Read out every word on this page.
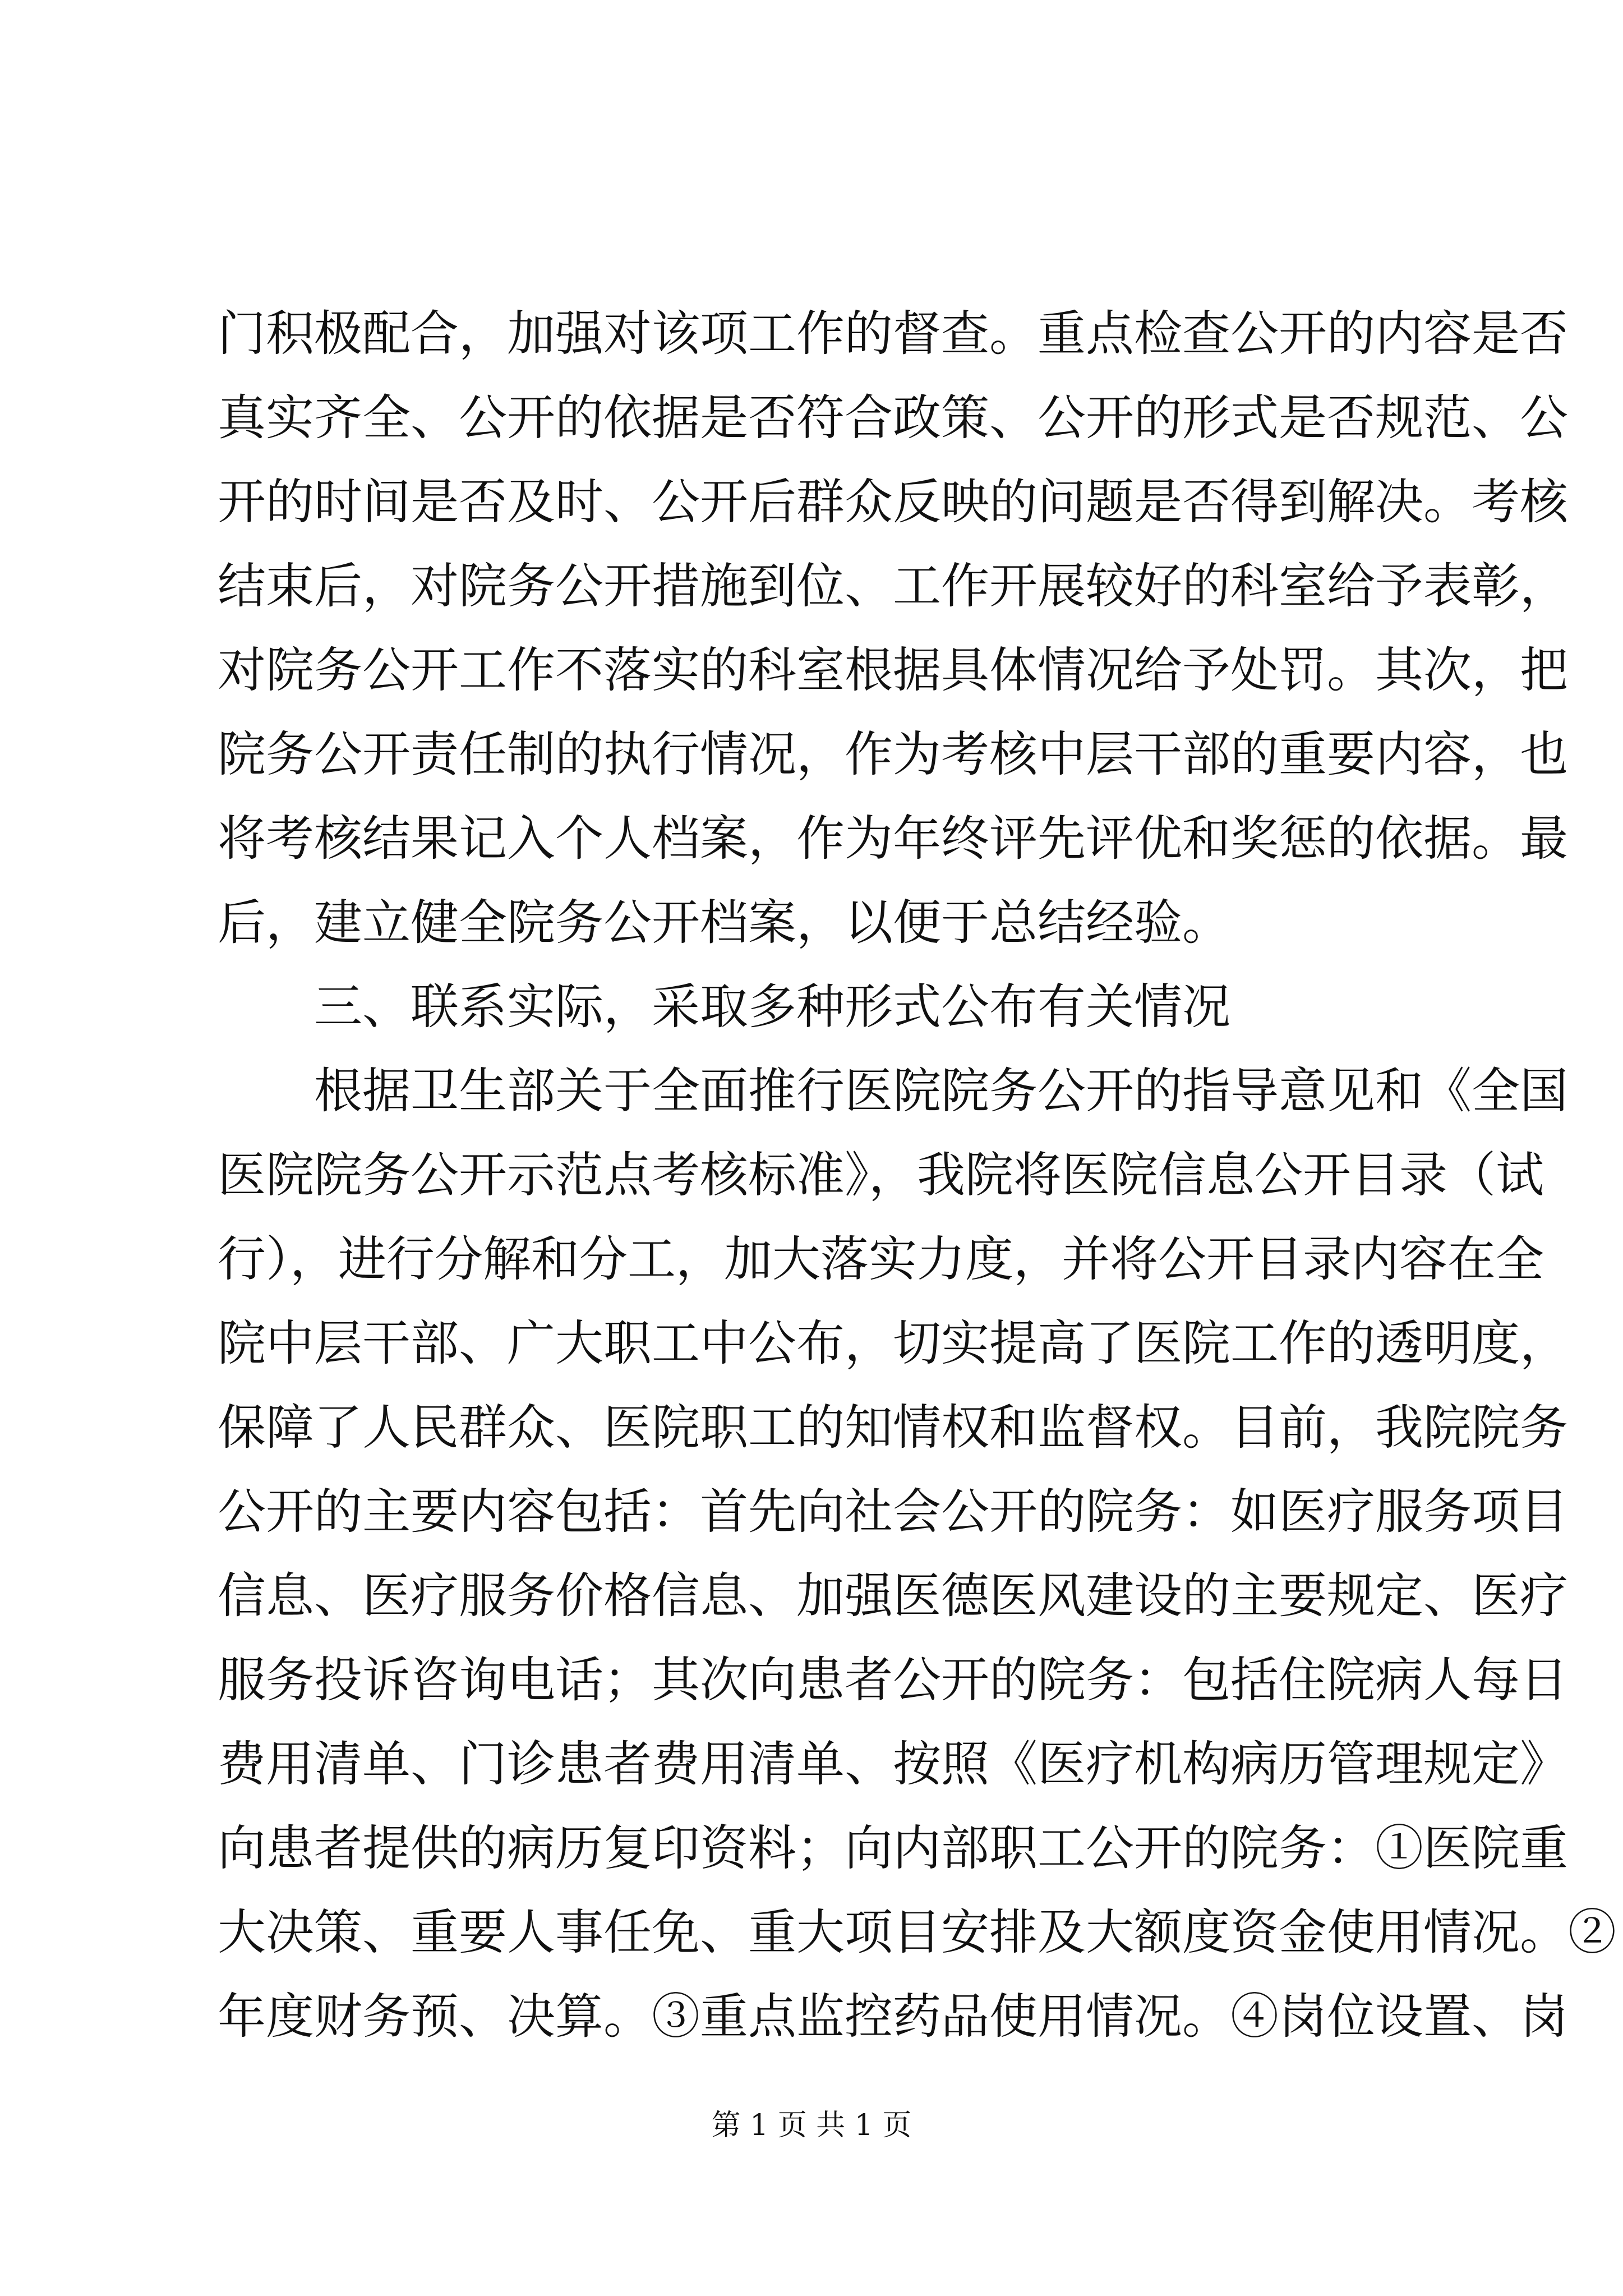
门积极配合，加强对该项工作的督查。重点检查公开的内容是否
真实齐全、公开的依据是否符合政策、公开的形式是否规范、公
开的时间是否及时、公开后群众反映的问题是否得到解决。考核
结束后，对院务公开措施到位、工作开展较好的科室给予表彰，
对院务公开工作不落实的科室根据具体情况给予处罚。其次，把
院务公开责任制的执行情况，作为考核中层干部的重要内容，也
将考核结果记入个人档案，作为年终评先评优和奖惩的依据。最
后，建立健全院务公开档案，以便于总结经验。
三、联系实际，采取多种形式公布有关情况
根据卫生部关于全面推行医院院务公开的指导意见和《全国
医院院务公开示范点考核标准》，我院将医院信息公开目录（试
行），进行分解和分工，加大落实力度，并将公开目录内容在全
院中层干部、广大职工中公布，切实提高了医院工作的透明度，
保障了人民群众、医院职工的知情权和监督权。目前，我院院务
公开的主要内容包括：首先向社会公开的院务：如医疗服务项目
信息、医疗服务价格信息、加强医德医风建设的主要规定、医疗
服务投诉咨询电话；其次向患者公开的院务：包括住院病人每日
费用清单、门诊患者费用清单、按照《医疗机构病历管理规定》
向患者提供的病历复印资料；向内部职工公开的院务：①医院重
大决策、重要人事任免、重大项目安排及大额度资金使用情况。②
年度财务预、决算。③重点监控药品使用情况。④岗位设置、岗
第 1 页 共 1 页
